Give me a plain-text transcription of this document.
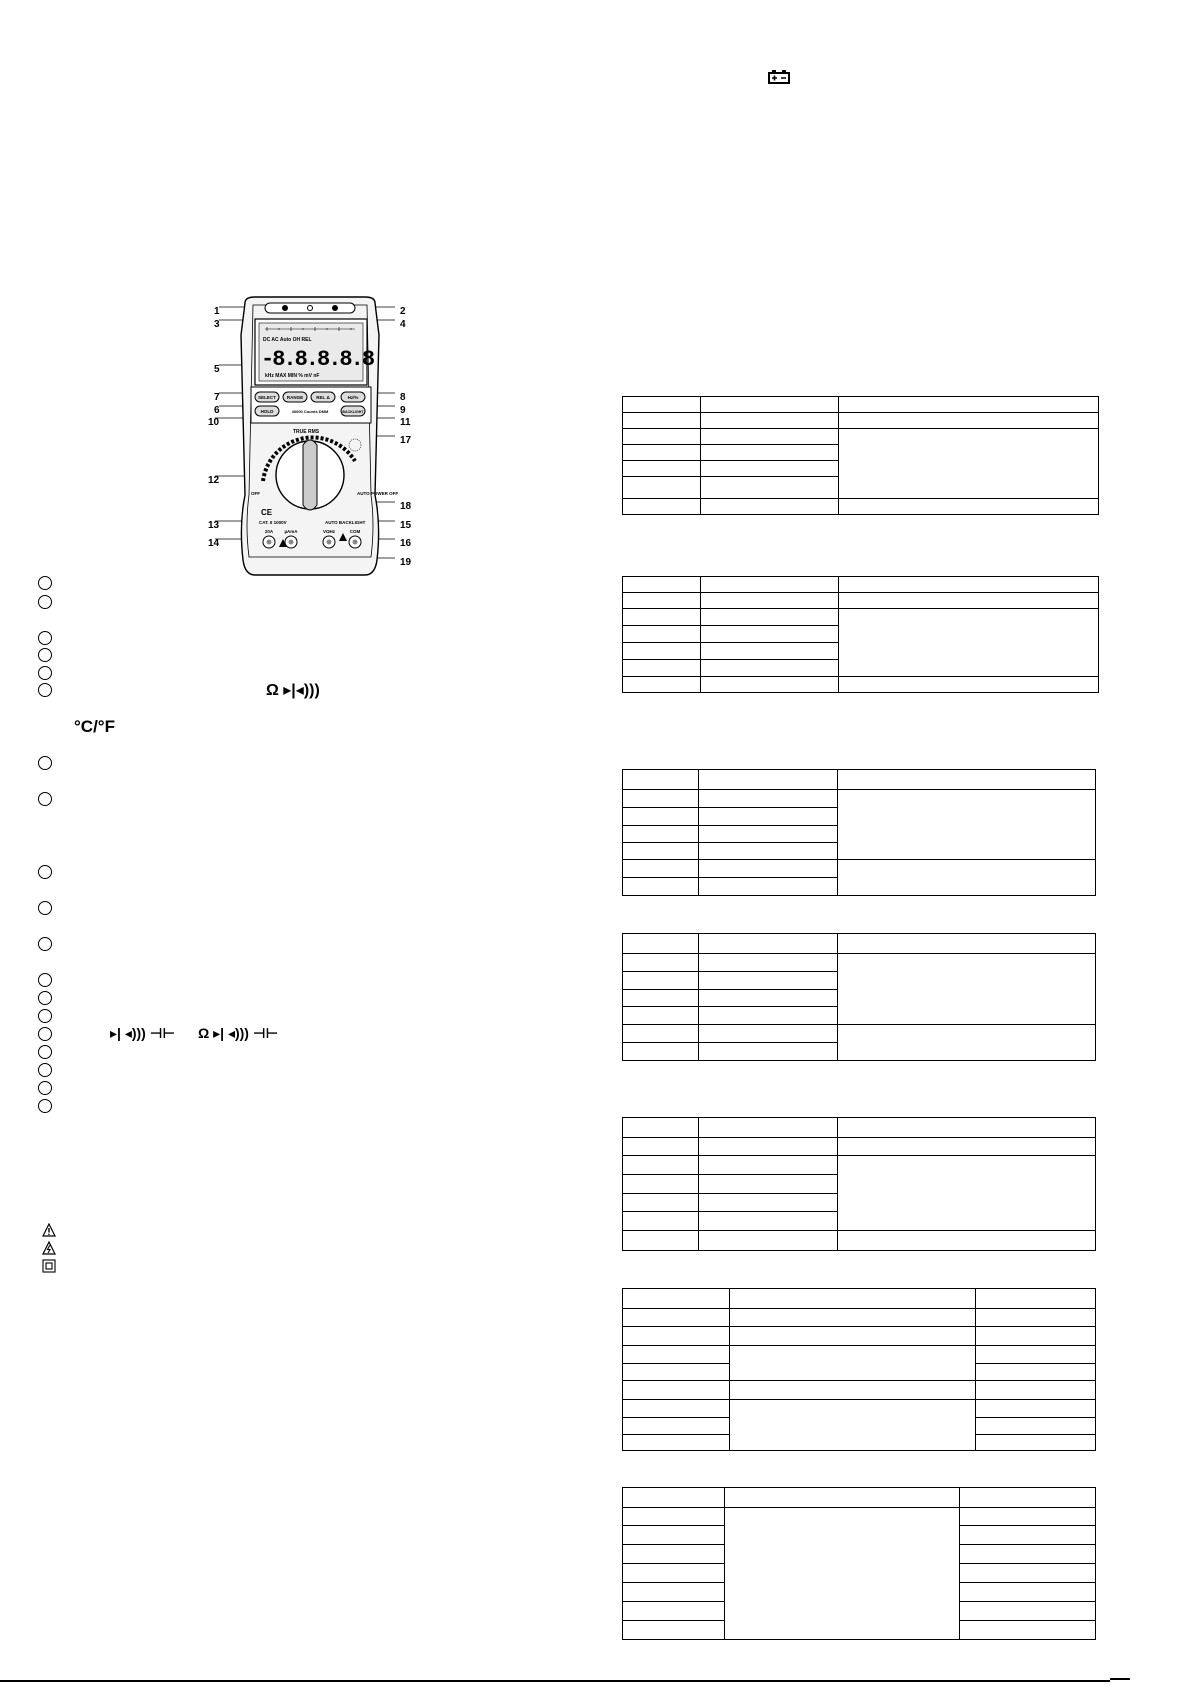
1	2
3	4
5
6
7	8
9
10	11
12
13
14
15
16
17
18
19
DC AC Auto OH REL
-8.8.8.8.8
kHz MAX MIN % mV nF
SELECT RANGE	REL Δ	Hz/%
HOLD	40000 Counts DMM	BACKLIGHT
TRUE RMS
OFF	AUTO POWER OFF
CE
CAT. II 1000V	AUTO BACKLIGHT
20A	µAmA	VΩHz	COM
Ω ▸|◂)))
°C/°F
▸| ◂))) ⊣⊢ Ω ▸| ◂))) ⊣⊢
